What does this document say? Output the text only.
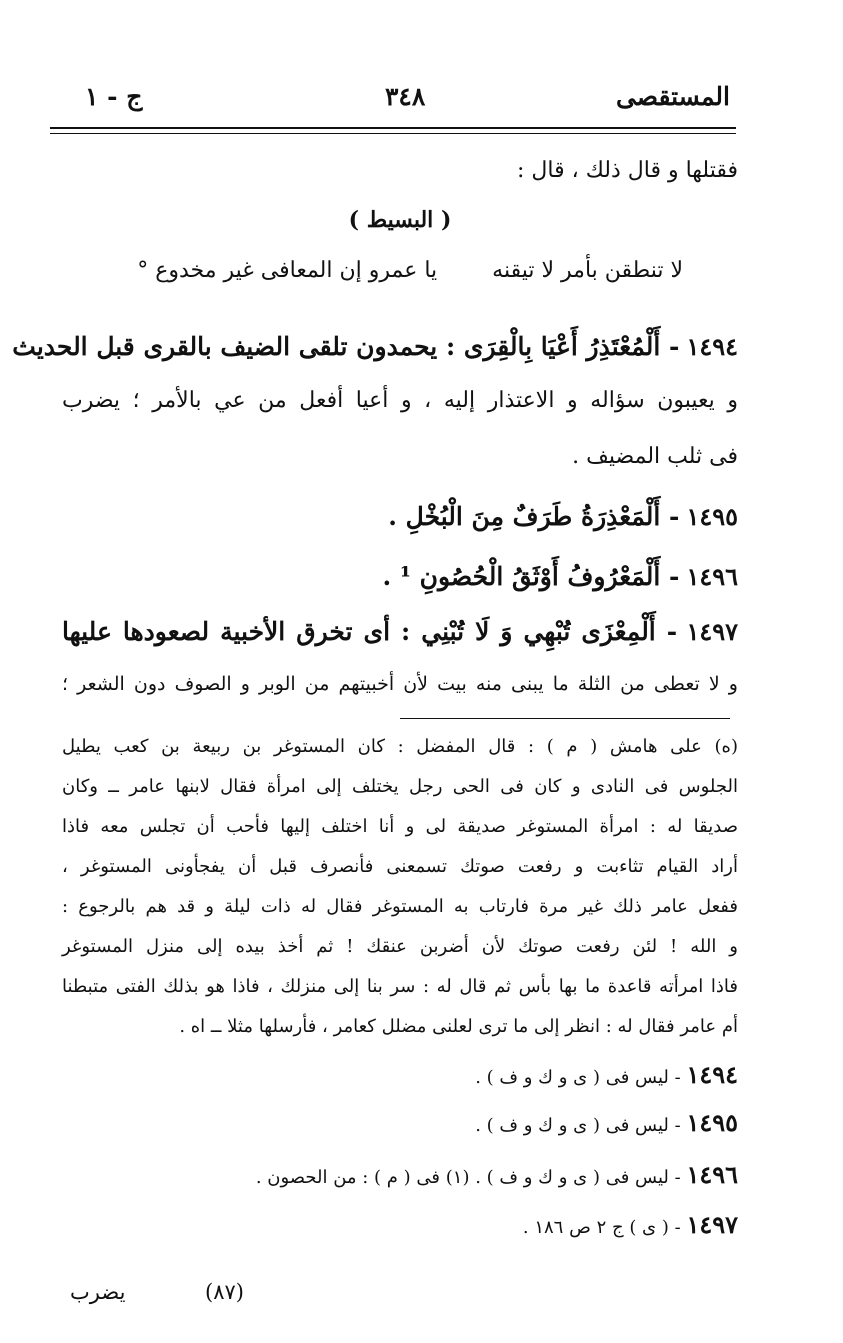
المستقصى
٣٤٨
ج - ١
فقتلها و قال ذلك ، قال :
( البسيط )
لا تنطقن بأمر لا تيقنه يا عمرو إن المعافى غير مخدوع °
١٤٩٤ - أَلْمُعْتَذِرُ أَعْيَا بِالْقِرَى : يحمدون تلقى الضيف بالقرى قبل الحديث
و يعيبون سؤاله و الاعتذار إليه ، و أعيا أفعل من عي بالأمر ؛ يضرب
فى ثلب المضيف .
١٤٩٥ - أَلْمَعْذِرَةُ طَرَفٌ مِنَ الْبُخْلِ .
١٤٩٦ - أَلْمَعْرُوفُ أَوْثَقُ الْحُصُونِ ¹ .
١٤٩٧ - أَلْمِعْزَى تُبْهِي وَ لَا تُبْنِي : أى تخرق الأخبية لصعودها عليها
و لا تعطى من الثلة ما يبنى منه بيت لأن أخبيتهم من الوبر و الصوف دون الشعر ؛
(ه) على هامش ( م ) : قال المفضل : كان المستوغر بن ربيعة بن كعب يطيل
الجلوس فى النادى و كان فى الحى رجل يختلف إلى امرأة فقال لابنها عامر ــ وكان
صديقا له : امرأة المستوغر صديقة لى و أنا اختلف إليها فأحب أن تجلس معه فاذا
أراد القيام تثاءبت و رفعت صوتك تسمعنى فأنصرف قبل أن يفجأونى المستوغر ،
ففعل عامر ذلك غير مرة فارتاب به المستوغر فقال له ذات ليلة و قد هم بالرجوع :
و الله ! لئن رفعت صوتك لأن أضربن عنقك ! ثم أخذ بيده إلى منزل المستوغر
فاذا امرأته قاعدة ما بها بأس ثم قال له : سر بنا إلى منزلك ، فاذا هو بذلك الفتى متبطنا
أم عامر فقال له : انظر إلى ما ترى لعلنى مضلل كعامر ، فأرسلها مثلا ــ اه .
١٤٩٤ - ليس فى ( ى و ك و ف ) .
١٤٩٥ - ليس فى ( ى و ك و ف ) .
١٤٩٦ - ليس فى ( ى و ك و ف ) . (١) فى ( م ) : من الحصون .
١٤٩٧ - ( ى ) ج ٢ ص ١٨٦ .
(٨٧)
يضرب
